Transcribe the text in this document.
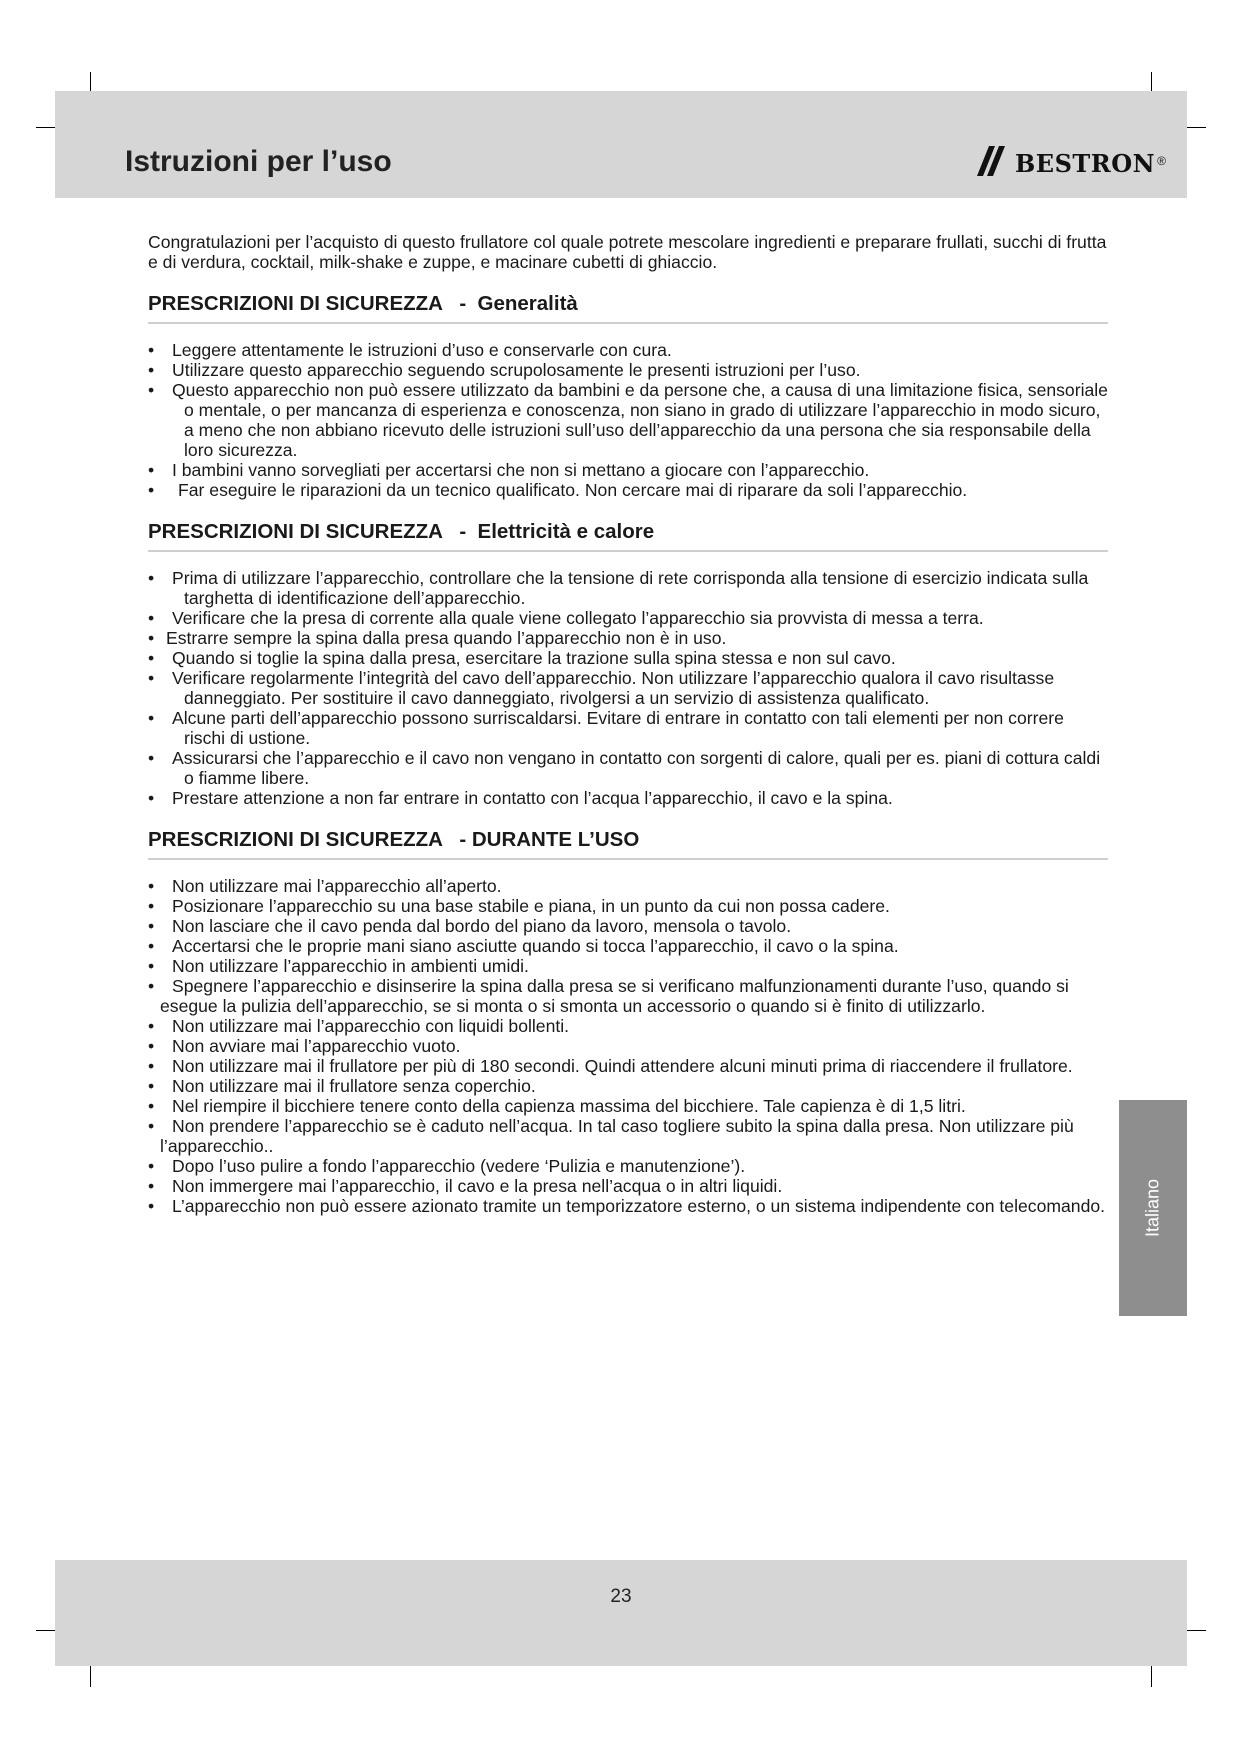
Istruzioni per l’uso	bestron ®

Congratulazioni per l’acquisto di questo frullatore col quale potrete mescolare ingredienti e preparare frullati, succhi di frutta e di verdura, cocktail, milk-shake e zuppe, e macinare cubetti di ghiaccio.

PRESCRIZIONI DI SICUREZZA   -  Generalità
• Leggere attentamente le istruzioni d’uso e conservarle con cura.
• Utilizzare questo apparecchio seguendo scrupolosamente le presenti istruzioni per l’uso.
• Questo apparecchio non può essere utilizzato da bambini e da persone che, a causa di una limitazione fisica, sensoriale o mentale, o per mancanza di esperienza e conoscenza, non siano in grado di utilizzare l’apparecchio in modo sicuro, a meno che non abbiano ricevuto delle istruzioni sull’uso dell’apparecchio da una persona che sia responsabile della loro sicurezza.
• I bambini vanno sorvegliati per accertarsi che non si mettano a giocare con l’apparecchio.
•	Far eseguire le riparazioni da un tecnico qualificato. Non cercare mai di riparare da soli l’apparecchio.
PRESCRIZIONI DI SICUREZZA   -  Elettricità e calore
• Prima di utilizzare l’apparecchio, controllare che la tensione di rete corrisponda alla tensione di esercizio indicata sulla targhetta di identificazione dell’apparecchio.
• Verificare che la presa di corrente alla quale viene collegato l’apparecchio sia provvista di messa a terra.
• Estrarre sempre la spina dalla presa quando l’apparecchio non è in uso.
• Quando si toglie la spina dalla presa, esercitare la trazione sulla spina stessa e non sul cavo.
• Verificare regolarmente l’integrità del cavo dell’apparecchio. Non utilizzare l’apparecchio qualora il cavo risultasse danneggiato. Per sostituire il cavo danneggiato, rivolgersi a un servizio di assistenza qualificato.
• Alcune parti dell’apparecchio possono surriscaldarsi. Evitare di entrare in contatto con tali elementi per non correre rischi di ustione.
• Assicurarsi che l’apparecchio e il cavo non vengano in contatto con sorgenti di calore, quali per es. piani di cottura caldi o fiamme libere.
• Prestare attenzione a non far entrare in contatto con l’acqua l’apparecchio, il cavo e la spina.
PRESCRIZIONI DI SICUREZZA   - DURANTE L’USO
• Non utilizzare mai l’apparecchio all’aperto.
• Posizionare l’apparecchio su una base stabile e piana, in un punto da cui non possa cadere.
• Non lasciare che il cavo penda dal bordo del piano da lavoro, mensola o tavolo.
• Accertarsi che le proprie mani siano asciutte quando si tocca l’apparecchio, il cavo o la spina.
• Non utilizzare l’apparecchio in ambienti umidi.
•	Spegnere l’apparecchio e disinserire la spina dalla presa se si verificano malfunzionamenti durante l’uso, quando si esegue la pulizia dell’apparecchio, se si monta o si smonta un accessorio o quando si è finito di utilizzarlo.
• Non utilizzare mai l’apparecchio con liquidi bollenti.
• Non avviare mai l’apparecchio vuoto.
•	Non utilizzare mai il frullatore per più di 180 secondi. Quindi attendere alcuni minuti prima di riaccendere il frullatore.
• Non utilizzare mai il frullatore senza coperchio.
• Nel riempire il bicchiere tenere conto della capienza massima del bicchiere. Tale capienza è di 1,5 litri.
•	Non prendere l’apparecchio se è caduto nell’acqua. In tal caso togliere subito la spina dalla presa. Non utilizzare più l’apparecchio..
• Dopo l’uso pulire a fondo l’apparecchio (vedere ‘Pulizia e manutenzione’).
• Non immergere mai l’apparecchio, il cavo e la presa nell’acqua o in altri liquidi.
•	L’apparecchio non può essere azionato tramite un temporizzatore esterno, o un sistema indipendente con telecomando. Italiano
23
